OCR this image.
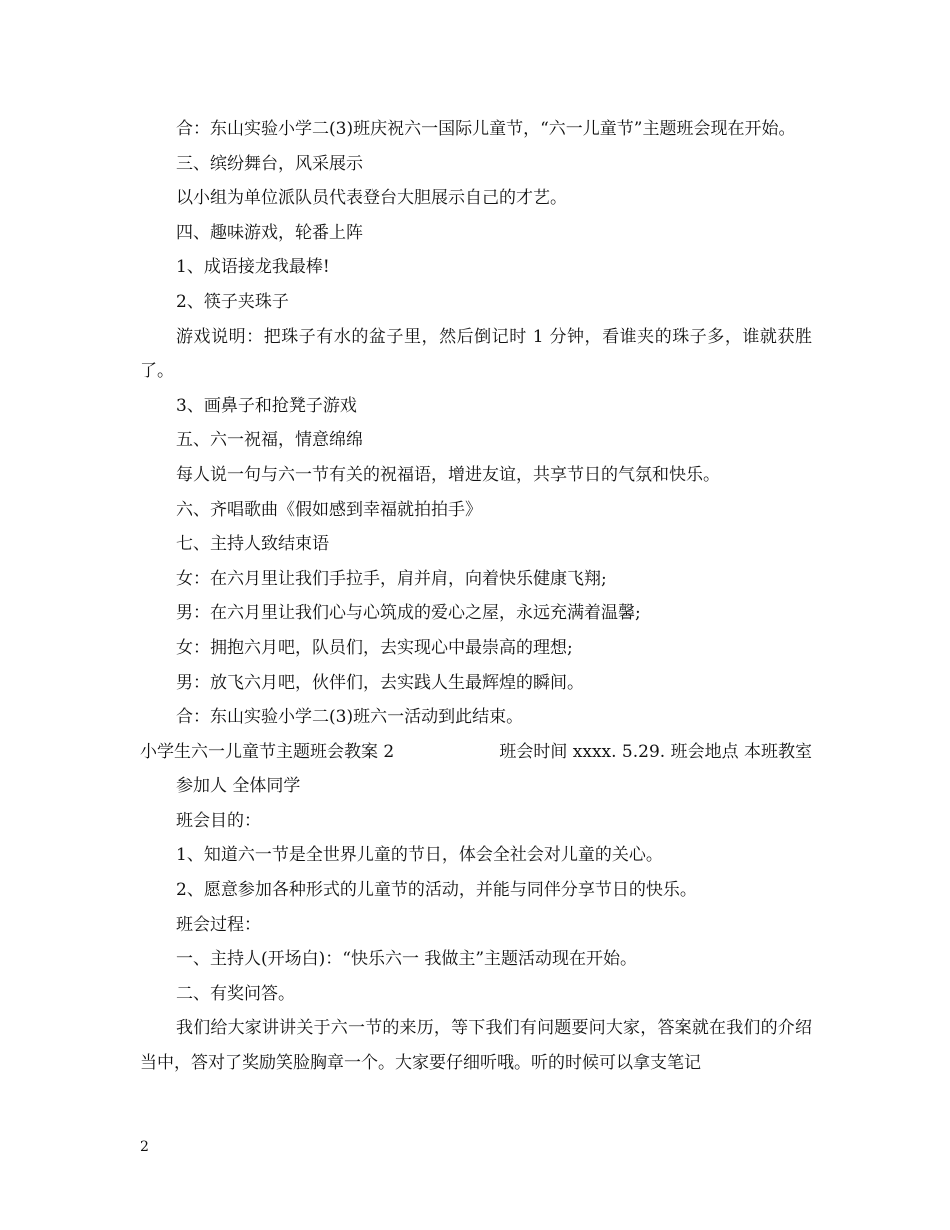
合：东山实验小学二(3)班庆祝六一国际儿童节，“六一儿童节”主题班会现在开始。

三、缤纷舞台，风采展示

以小组为单位派队员代表登台大胆展示自己的才艺。

四、趣味游戏，轮番上阵

1、成语接龙我最棒!

2、筷子夹珠子

游戏说明：把珠子有水的盆子里，然后倒记时 1 分钟，看谁夹的珠子多，谁就获胜了。

3、画鼻子和抢凳子游戏

五、六一祝福，情意绵绵

每人说一句与六一节有关的祝福语，增进友谊，共享节日的气氛和快乐。

六、齐唱歌曲《假如感到幸福就拍拍手》

七、主持人致结束语

女：在六月里让我们手拉手，肩并肩，向着快乐健康飞翔;

男：在六月里让我们心与心筑成的爱心之屋，永远充满着温馨;

女：拥抱六月吧，队员们，去实现心中最崇高的理想;

男：放飞六月吧，伙伴们，去实践人生最辉煌的瞬间。

合：东山实验小学二(3)班六一活动到此结束。

小学生六一儿童节主题班会教案 2	班会时间 xxxx. 5.29. 班会地点 本班教室

参加人 全体同学

班会目的：

1、知道六一节是全世界儿童的节日，体会全社会对儿童的关心。

2、愿意参加各种形式的儿童节的活动，并能与同伴分享节日的快乐。

班会过程：

一、主持人(开场白)：“快乐六一 我做主”主题活动现在开始。

二、有奖问答。

我们给大家讲讲关于六一节的来历，等下我们有问题要问大家，答案就在我们的介绍当中，答对了奖励笑脸胸章一个。大家要仔细听哦。听的时候可以拿支笔记

2
